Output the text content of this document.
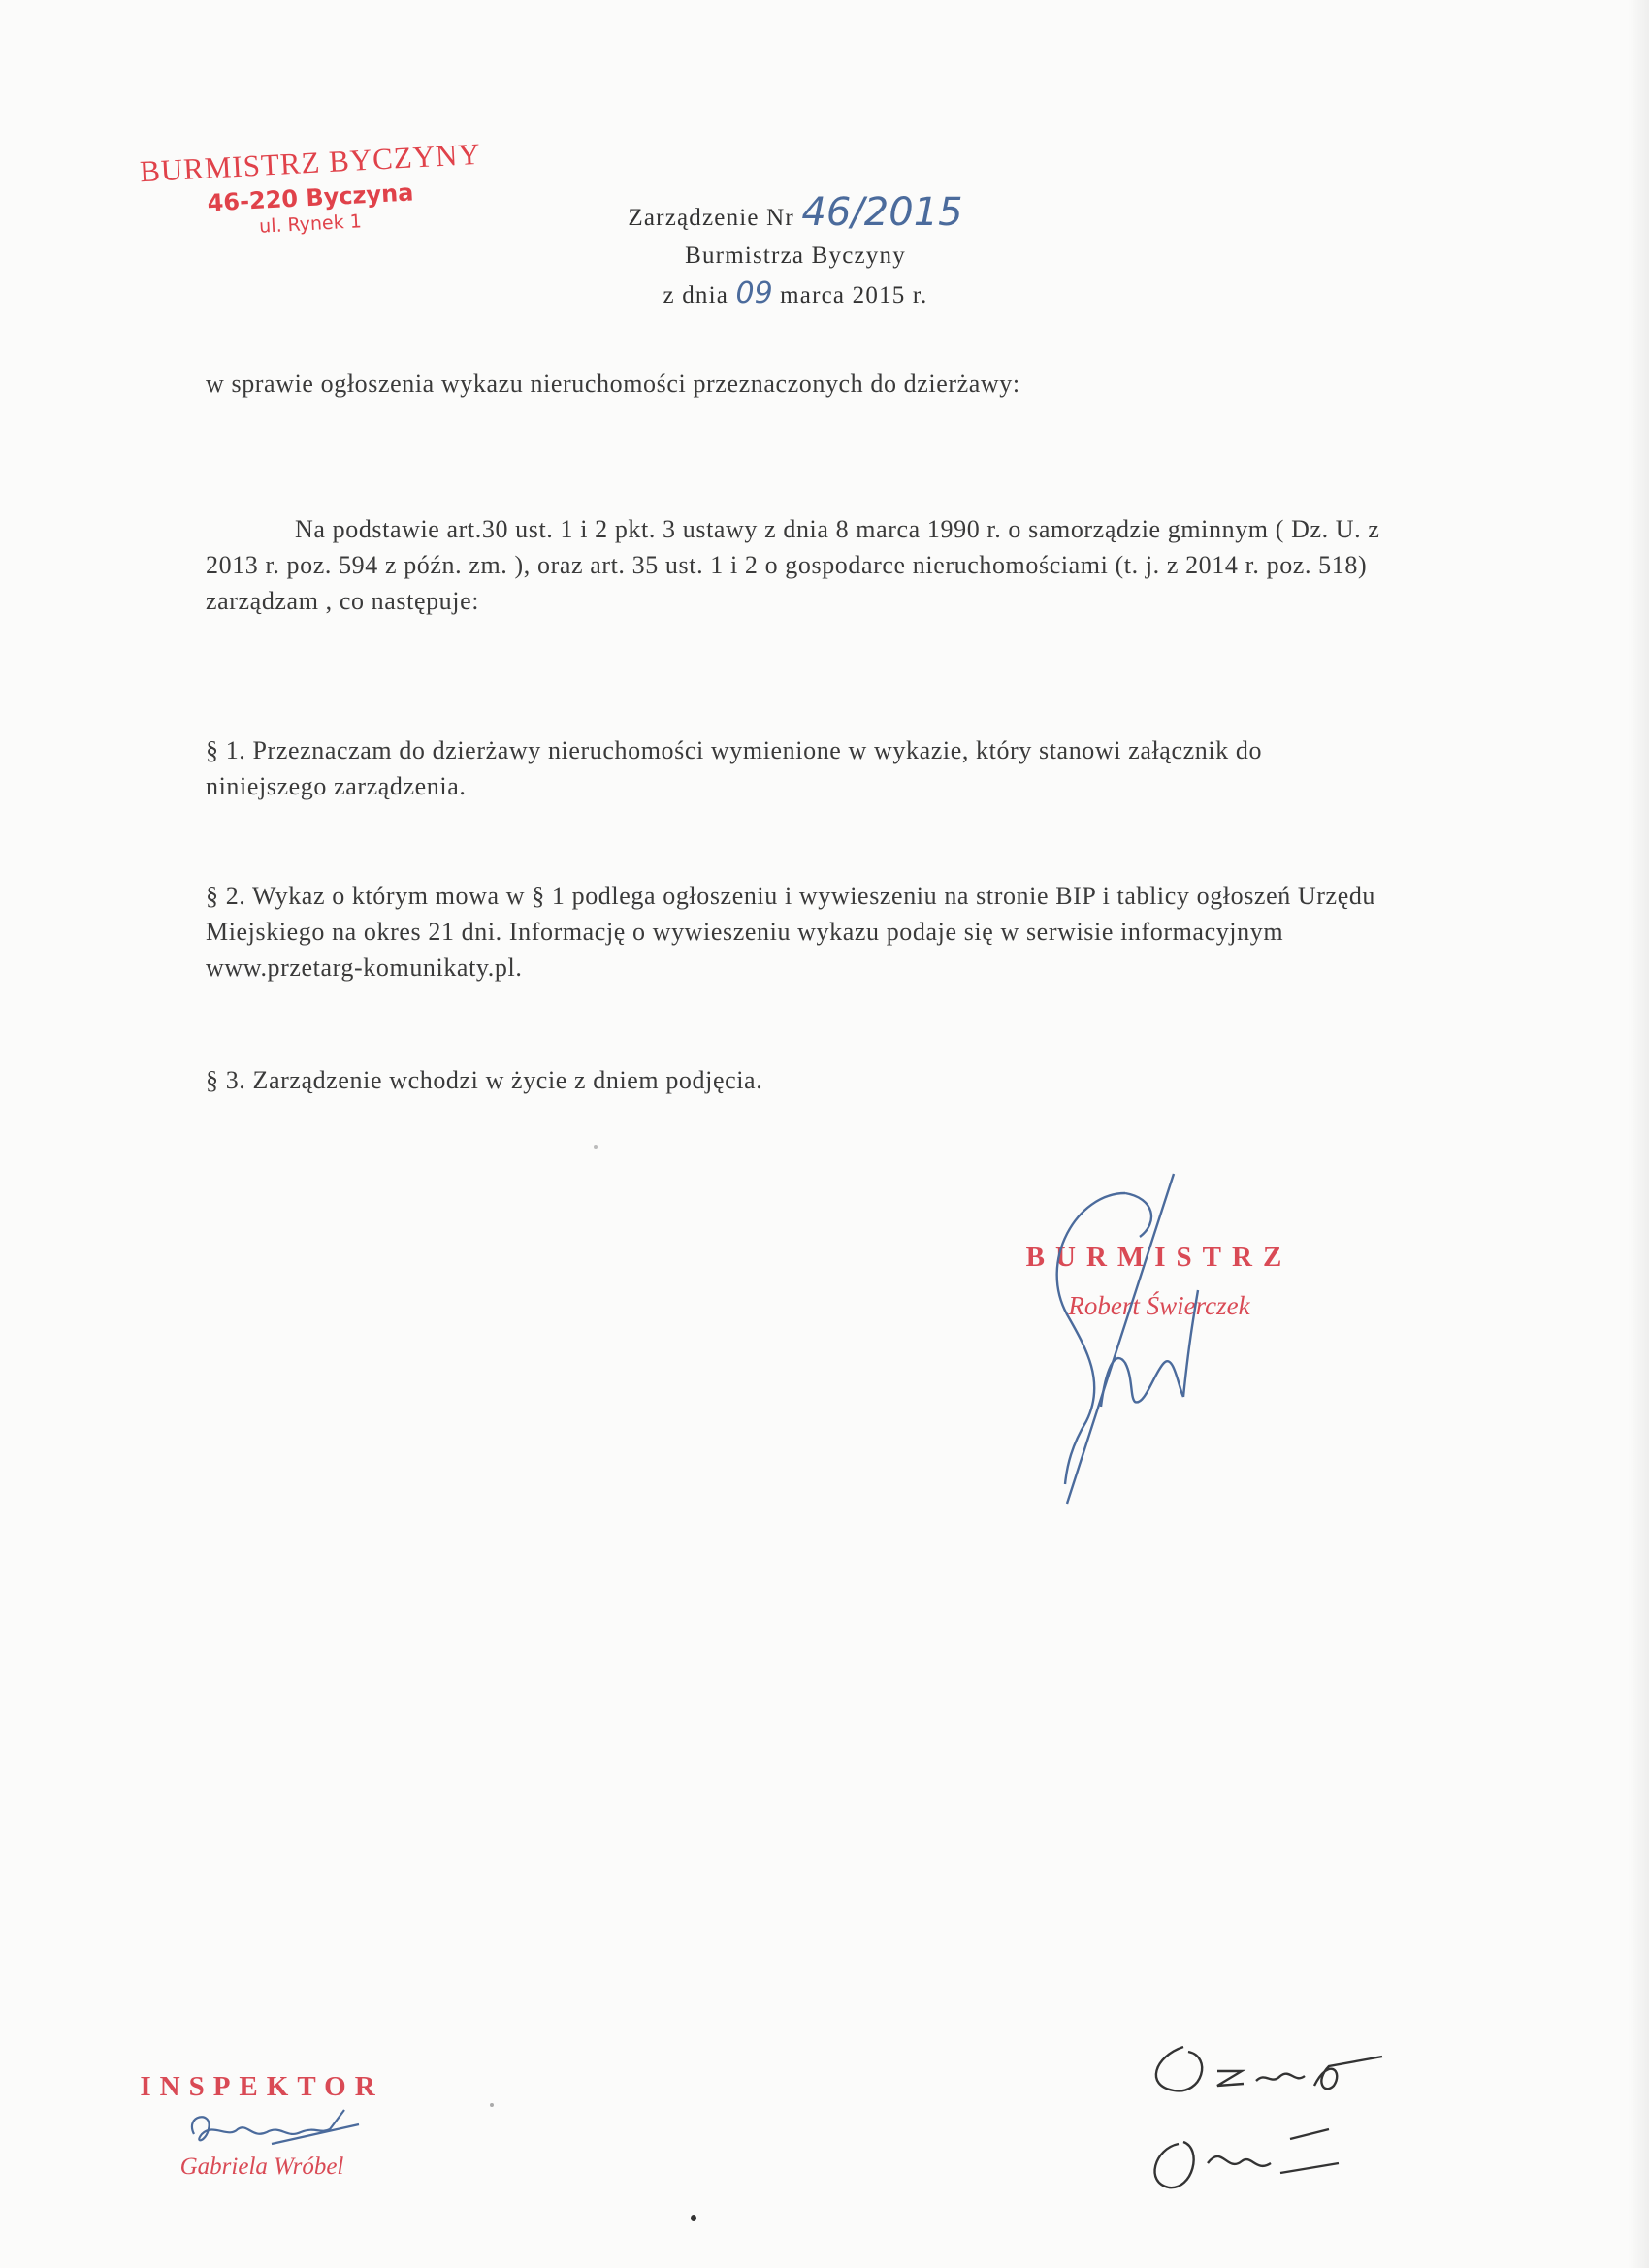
BURMISTRZ BYCZYNY
46-220 Byczyna
ul. Rynek 1	Zarządzenie Nr 46/2015
Burmistrza Byczyny
z dnia 09 marca 2015 r.
w sprawie ogłoszenia wykazu nieruchomości przeznaczonych do dzierżawy:
Na podstawie art.30 ust. 1 i 2 pkt. 3 ustawy z dnia 8 marca 1990 r. o samorządzie gminnym ( Dz. U. z 2013 r. poz. 594 z późn. zm. ), oraz art. 35 ust. 1 i 2 o gospodarce nieruchomościami (t. j. z 2014 r. poz. 518) zarządzam , co następuje:
§ 1. Przeznaczam do dzierżawy nieruchomości wymienione w wykazie, który stanowi załącznik do niniejszego zarządzenia.
§ 2. Wykaz o którym mowa w § 1 podlega ogłoszeniu i wywieszeniu na stronie BIP i tablicy ogłoszeń Urzędu Miejskiego na okres 21 dni. Informację o wywieszeniu wykazu podaje się w serwisie informacyjnym www.przetarg-komunikaty.pl.
§ 3. Zarządzenie wchodzi w życie z dniem podjęcia.
BURMISTRZ
Robert Świerczek
INSPEKTOR
Gabriela Wróbel
